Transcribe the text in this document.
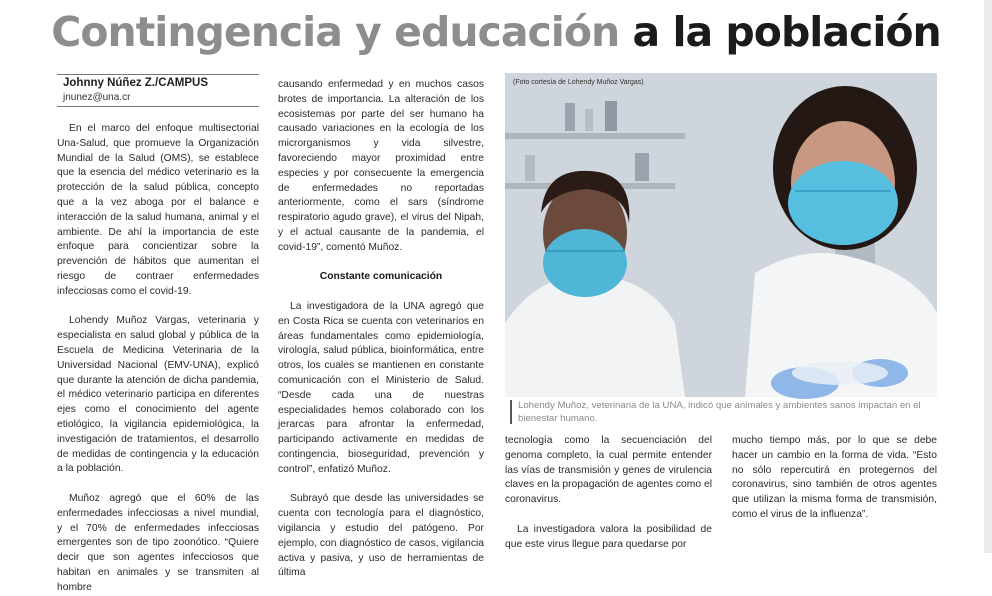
Contingencia y educación a la población
Johnny Núñez Z./CAMPUS
jnunez@una.cr

En el marco del enfoque multisectorial Una-Salud, que promueve la Organización Mundial de la Salud (OMS), se establece que la esencia del médico veterinario es la protección de la salud pública, concepto que a la vez aboga por el balance e interacción de la salud humana, animal y el ambiente. De ahí la importancia de este enfoque para concientizar sobre la prevención de hábitos que aumentan el riesgo de contraer enfermedades infecciosas como el covid-19.

Lohendy Muñoz Vargas, veterinaria y especialista en salud global y pública de la Escuela de Medicina Veterinaria de la Universidad Nacional (EMV-UNA), explicó que durante la atención de dicha pandemia, el médico veterinario participa en diferentes ejes como el conocimiento del agente etiológico, la vigilancia epidemiológica, la investigación de tratamientos, el desarrollo de medidas de contingencia y la educación a la población.

Muñoz agregó que el 60% de las enfermedades infecciosas a nivel mundial, y el 70% de enfermedades infecciosas emergentes son de tipo zoonótico. “Quiere decir que son agentes infecciosos que habitan en animales y se transmiten al hombre

causando enfermedad y en muchos casos brotes de importancia. La alteración de los ecosistemas por parte del ser humano ha causado variaciones en la ecología de los microrganismos y vida silvestre, favoreciendo mayor proximidad entre especies y por consecuente la emergencia de enfermedades no reportadas anteriormente, como el sars (síndrome respiratorio agudo grave), el virus del Nipah, y el actual causante de la pandemia, el covid-19”, comentó Muñoz.

Constante comunicación

La investigadora de la UNA agregó que en Costa Rica se cuenta con veterinarios en áreas fundamentales como epidemiología, virología, salud pública, bioinformática, entre otros, los cuales se mantienen en constante comunicación con el Ministerio de Salud. “Desde cada una de nuestras especialidades hemos colaborado con los jerarcas para afrontar la enfermedad, participando activamente en medidas de contingencia, bioseguridad, prevención y control”, enfatizó Muñoz.

Subrayó que desde las universidades se cuenta con tecnología para el diagnóstico, vigilancia y estudio del patógeno. Por ejemplo, con diagnóstico de casos, vigilancia activa y pasiva, y uso de herramientas de última

(Foto cortesía de Lohendy Muñoz Vargas)
Lohendy Muñoz, veterinaria de la UNA, indicó que animales y ambientes sanos impactan en el bienestar humano.

tecnología como la secuenciación del genoma completo, la cual permite entender las vías de transmisión y genes de virulencia claves en la propagación de agentes como el coronavirus.

La investigadora valora la posibilidad de que este virus llegue para quedarse por

mucho tiempo más, por lo que se debe hacer un cambio en la forma de vida. “Esto no sólo repercutirá en protegernos del coronavirus, sino también de otros agentes que utilizan la misma forma de transmisión, como el virus de la influenza”.
